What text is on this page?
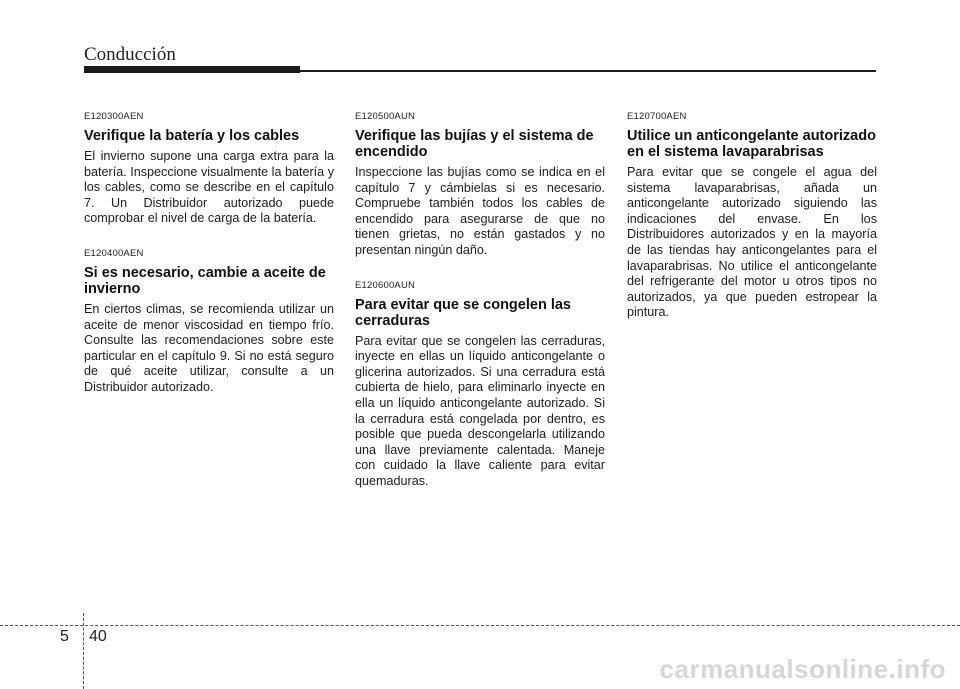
Conducción

E120300AEN

Verifique la batería y los cables

El invierno supone una carga extra para la batería. Inspeccione visualmente la batería y los cables, como se describe en el capítulo 7. Un Distribuidor autorizado puede comprobar el nivel de carga de la batería.

E120400AEN

Si es necesario, cambie a aceite de invierno

En ciertos climas, se recomienda utilizar un aceite de menor viscosidad en tiempo frío. Consulte las recomendaciones sobre este particular en el capítulo 9. Si no está seguro de qué aceite utilizar, consulte a un Distribuidor autorizado.

E120500AUN

Verifique las bujías y el sistema de encendido

Inspeccione las bujías como se indica en el capítulo 7 y cámbielas si es necesario. Compruebe también todos los cables de encendido para asegurarse de que no tienen grietas, no están gastados y no presentan ningún daño.

E120600AUN

Para evitar que se congelen las cerraduras

Para evitar que se congelen las cerraduras, inyecte en ellas un líquido anticongelante o glicerina autorizados. Si una cerradura está cubierta de hielo, para eliminarlo inyecte en ella un líquido anticongelante autorizado. Si la cerradura está congelada por dentro, es posible que pueda descongelarla utilizando una llave previamente calentada. Maneje con cuidado la llave caliente para evitar quemaduras.

E120700AEN

Utilice un anticongelante autorizado en el sistema lavaparabrisas

Para evitar que se congele el agua del sistema lavaparabrisas, añada un anticongelante autorizado siguiendo las indicaciones del envase. En los Distribuidores autorizados y en la mayoría de las tiendas hay anticongelantes para el lavaparabrisas. No utilice el anticongelante del refrigerante del motor u otros tipos no autorizados, ya que pueden estropear la pintura.

5 40
carmanualsonline.info
